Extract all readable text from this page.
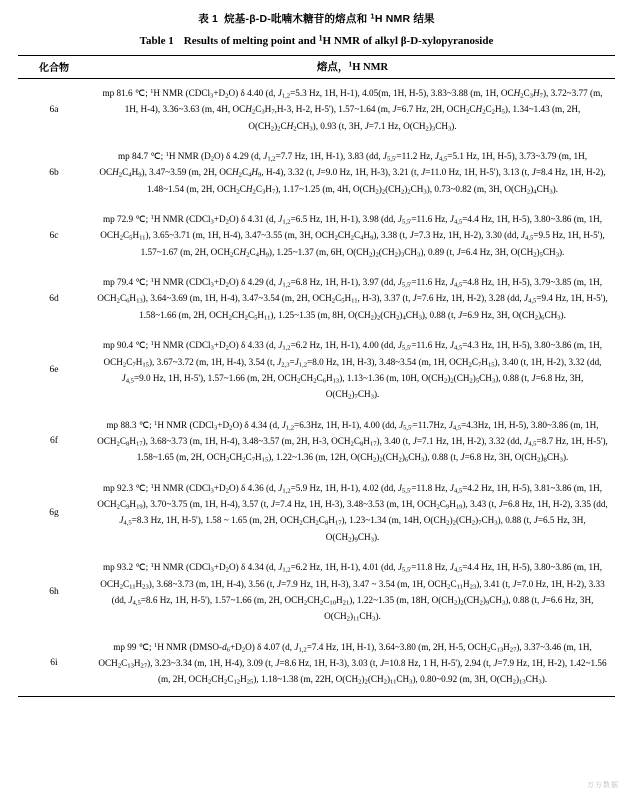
表 1 烷基-β-D-吡喃木糖苷的熔点和 $^1$H NMR 结果
Table 1 Results of melting point and $^1$H NMR of alkyl β-D-xylopyranoside
化合物	熔点，$^1$H NMR
6a	mp 81.6 ℃; $^1$H NMR $(CDCl_3+D_2O)$ δ 4.40 (d, $J_{1,2}=5.3$ Hz, 1H, H-1), 4.05(m, 1H, H-5), 3.83~3.88 (m, 1H, $OCH_2C_3H_7$), 3.72~3.77 (m, 1H, H-4), 3.36~3.63 (m, 4H, $OCH_2C_3H_7,H-3$, H-2, H-5'), 1.57~1.64 (m, J=6.7 Hz, 2H, $OCH_2CH_2C_2H_5$), 1.34~1.43 (m, 2H, $O(CH_2)_2CH_2CH_3$), 0.93 (t, 3H, J=7.1 Hz, $O(CH_2)_3CH_3$).

6b	mp 84.7 ℃; $^1$H NMR $(D_2O)$ δ 4.29 (d, $J_{1,2}=7.7$ Hz, 1H, H-1), 3.83 (dd, $J_{5,5'}=11.2$ Hz, $J_{4,5}=5.1$ Hz, 1H, H-5), 3.73~3.79 (m, 1H, $OCH_2C_4H_9$), 3.47~3.59 (m, 2H, $OCH_2C_4H_9$, H-4), 3.32 (t, J=9.0 Hz, 1H, H-3), 3.21 (t, J=11.0 Hz, 1H, H-5'), 3.13 (t, J=8.4 Hz, 1H, H-2), 1.48~1.54 (m, 2H, $OCH_2CH_2C_3H_7$), 1.17~1.25 (m, 4H, $O(CH_2)_2(CH_2)_2CH_3$), 0.73~0.82 (m, 3H, $O(CH_2)_4CH_3$).

6c	mp 72.9 ℃; $^1$H NMR $(CDCl_3+D_2O)$ δ 4.31 (d, $J_{1,2}=6.5$ Hz, 1H, H-1), 3.98 (dd, $J_{5,5'}=11.6$ Hz, $J_{4,5}=4.4$ Hz, 1H, H-5), 3.80~3.86 (m, 1H, $OCH_2C_5H_{11}$), 3.65~3.71 (m, 1H, H-4), 3.47~3.55 (m, 3H, $OCH_2CH_2C_4H_9$), 3.38 (t, J=7.3 Hz, 1H, H-2), 3.30 (dd, $J_{4,5}=9.5$ Hz, 1H, H-5'), 1.57~1.67 (m, 2H, $OCH_2CH_2C_4H_9$), 1.25~1.37 (m, 6H, $O(CH_2)_2(CH_2)_3CH_3$), 0.89 (t, J=6.4 Hz, 3H, $O(CH_2)_5CH_3$).

6d	mp 79.4 ℃; $^1$H NMR $(CDCl_3+D_2O)$ δ 4.29 (d, $J_{1,2}=6.8$ Hz, 1H, H-1), 3.97 (dd, $J_{5,5'}=11.6$ Hz, $J_{4,5}=4.8$ Hz, 1H, H-5), 3.79~3.85 (m, 1H, $OCH_2C_6H_{13}$), 3.64~3.69 (m, 1H, H-4), 3.47~3.54 (m, 2H, $OCH_2C_5H_{11}$, H-3), 3.37 (t, J=7.6 Hz, 1H, H-2), 3.28 (dd, $J_{4,5}=9.4$ Hz, 1H, H-5'), 1.58~1.66 (m, 2H, $OCH_2CH_2C_5H_{11}$), 1.25~1.35 (m, 8H, $O(CH_2)_2(CH_2)_4CH_3$), 0.88 (t, J=6.9 Hz, 3H, $O(CH_2)_6CH_3$).

6e	mp 90.4 ℃; $^1$H NMR $(CDCl_3+D_2O)$ δ 4.33 (d, $J_{1,2}=6.2$ Hz, 1H, H-1), 4.00 (dd, $J_{5,5'}=11.6$ Hz, $J_{4,5}=4.3$ Hz, 1H, H-5), 3.80~3.86 (m, 1H, $OCH_2C_7H_{15}$), 3.67~3.72 (m, 1H, H-4), 3.54 (t, $J_{2,3}=J_{1,2}=8.0$ Hz, 1H, H-3), 3.48~3.54 (m, 1H, $OCH_2C_7H_{15}$), 3.40 (t, 1H, H-2), 3.32 (dd, $J_{4,5}=9.0$ Hz, 1H, H-5'), 1.57~1.66 (m, 2H, $OCH_2CH_2C_6H_{13}$), 1.13~1.36 (m, 10H, $O(CH_2)_2(CH_2)_5CH_3$), 0.88 (t, J=6.8 Hz, 3H, $O(CH_2)_7CH_3$).

6f	mp 88.3 ℃; $^1$H NMR $(CDCl_3+D_2O)$ δ 4.34 (d, $J_{1,2}=6.3Hz$, 1H, H-1), 4.00 (dd, $J_{5,5'}=11.7Hz$, $J_{4,5}=4.3Hz$, 1H, H-5), 3.80~3.86 (m, 1H, $OCH_2C_8H_{17}$), 3.68~3.73 (m, 1H, H-4), 3.48~3.57 (m, 2H, H-3, $OCH_2C_8H_{17}$), 3.40 (t, J=7.1 Hz, 1H, H-2), 3.32 (dd, $J_{4,5}=8.7$ Hz, 1H, H-5'), 1.58~1.65 (m, 2H, $OCH_2CH_2C_7H_{15}$), 1.22~1.36 (m, 12H, $O(CH_2)_2(CH_2)_6CH_3$), 0.88 (t, J=6.8 Hz, 3H, $O(CH_2)_8CH_3$).

6g	mp 92.3 ℃; $^1$H NMR $(CDCl_3+D_2O)$ δ 4.36 (d, $J_{1,2}=5.9$ Hz, 1H, H-1), 4.02 (dd, $J_{5,5'}=11.8$ Hz, $J_{4,5}=4.2$ Hz, 1H, H-5), 3.81~3.86 (m, 1H, $OCH_2C_9H_{19}$), 3.70~3.75 (m, 1H, H-4), 3.57 (t, J=7.4 Hz, 1H, H-3), 3.48~3.53 (m, 1H, $OCH_2C_9H_{19}$), 3.43 (t, J=6.8 Hz, 1H, H-2), 3.35 (dd, $J_{4,5}=8.3$ Hz, 1H, H-5'), 1.58 ~ 1.65 (m, 2H, $OCH_2CH_2C_8H_{17}$), 1.23~1.34 (m, 14H, $O(CH_2)_2(CH_2)_7CH_3$), 0.88 (t, J=6.5 Hz, 3H, $O(CH_2)_9CH_3$).

6h	mp 93.2 ℃; $^1$H NMR $(CDCl_3+D_2O)$ δ 4.34 (d, $J_{1,2}=6.2$ Hz, 1H, H-1), 4.01 (dd, $J_{5,5'}=11.8$ Hz, $J_{4,5}=4.4$ Hz, 1H, H-5), 3.80~3.86 (m, 1H, $OCH_2C_{11}H_{23}$), 3.68~3.73 (m, 1H, H-4), 3.56 (t, J=7.9 Hz, 1H, H-3), 3.47 ~ 3.54 (m, 1H, $OCH_2C_{11}H_{23}$), 3.41 (t, J=7.0 Hz, 1H, H-2), 3.33 (dd, $J_{4,5}=8.6$ Hz, 1H, H-5'), 1.57~1.66 (m, 2H, $OCH_2CH_2C_{10}H_{21}$), 1.22~1.35 (m, 18H, $O(CH_2)_2(CH_2)_9CH_3$), 0.88 (t, J=6.6 Hz, 3H, $O(CH_2)_{11}CH_3$).

6i	mp 99 ℃; $^1$H NMR $(DMSO-d_6+D_2O)$ δ 4.07 (d, $J_{1,2}=7.4$ Hz, 1H, H-1), 3.64~3.80 (m, 2H, H-5, $OCH_2C_{13}H_{27}$), 3.37~3.46 (m, 1H, $OCH_2C_{13}H_{27}$), 3.23~3.34 (m, 1H, H-4), 3.09 (t, J=8.6 Hz, 1H, H-3), 3.03 (t, J=10.8 Hz, 1 H, H-5'), 2.94 (t, J=7.9 Hz, 1H, H-2), 1.42~1.56 (m, 2H, $OCH_2CH_2C_{12}H_{25}$), 1.18~1.38 (m, 22H, $O(CH_2)_2(CH_2)_{11}CH_3$), 0.80~0.92 (m, 3H, $O(CH_2)_{13}CH_3$).
万方数据
